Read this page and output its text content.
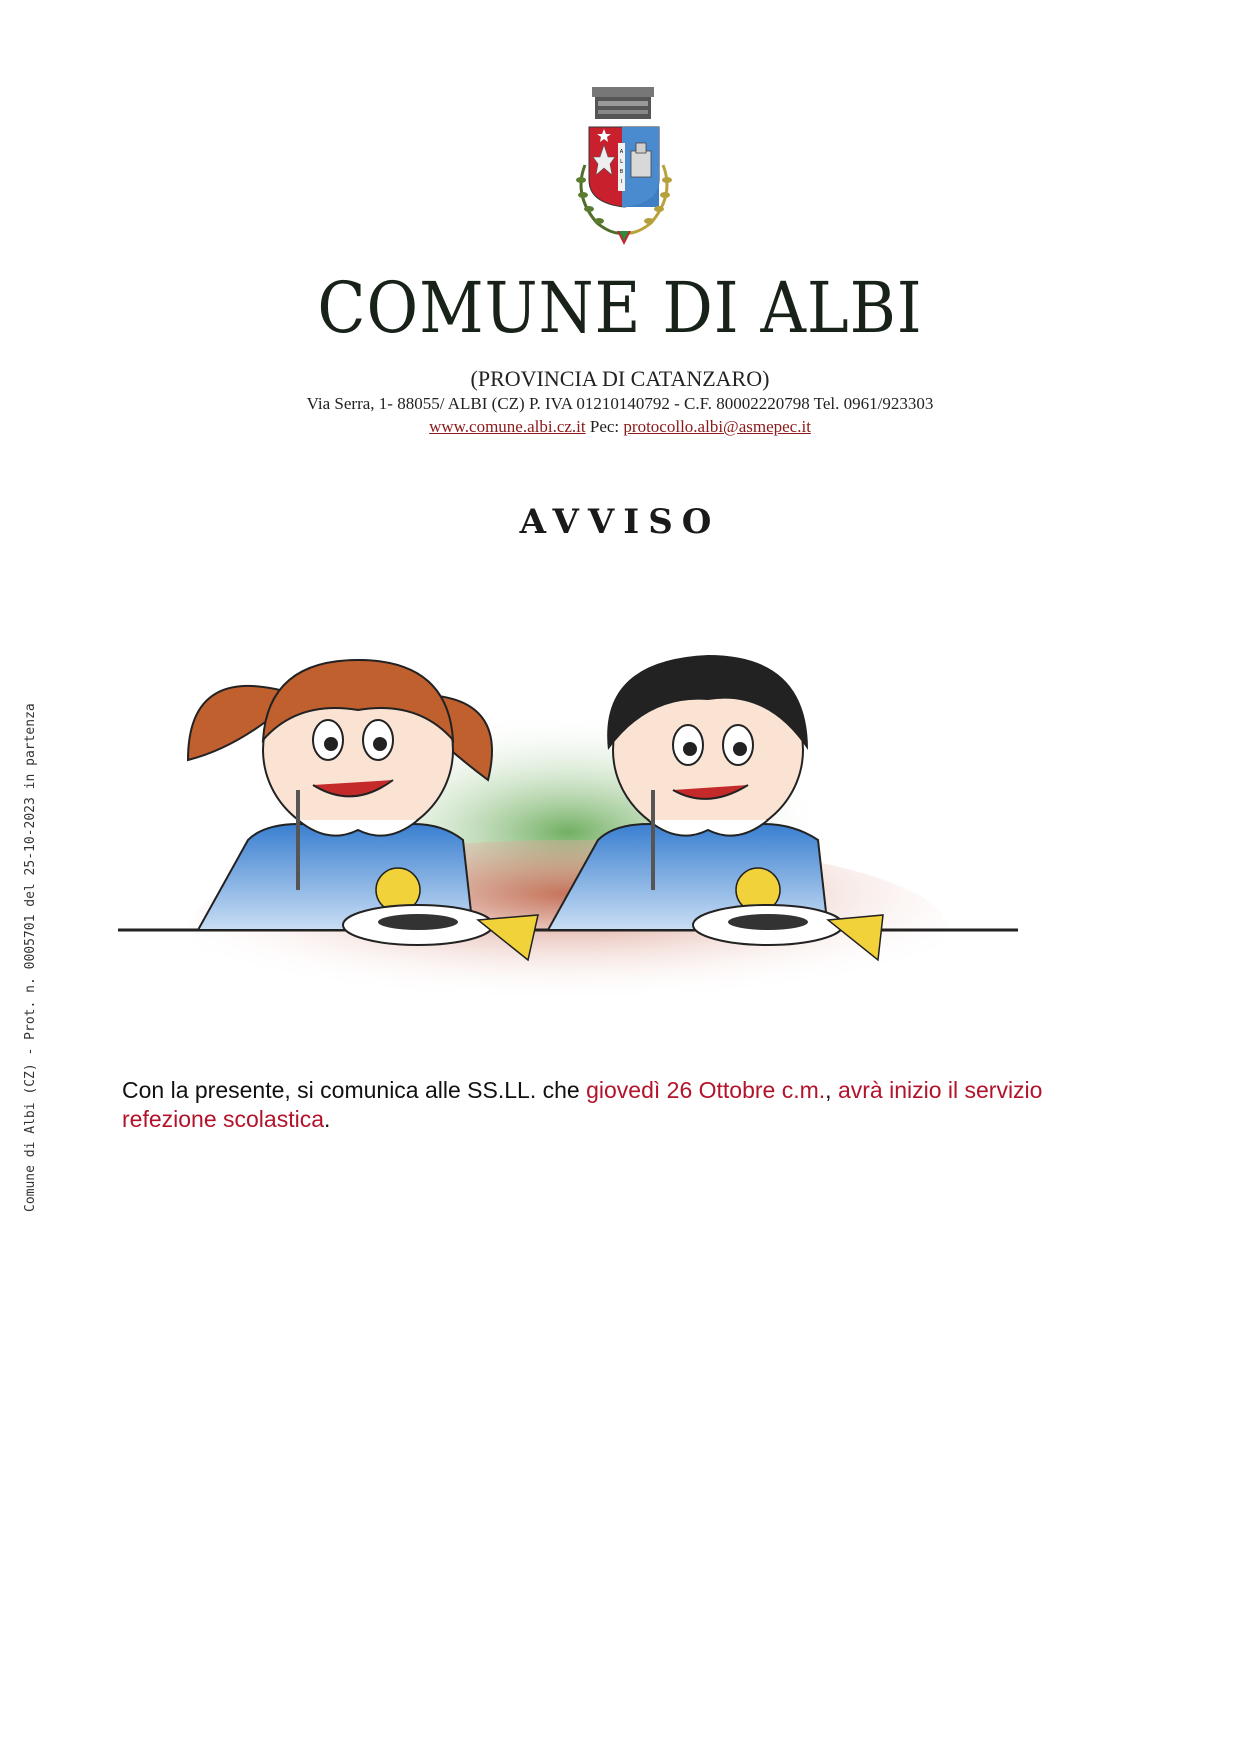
Comune di Albi (CZ) - Prot. n. 0005701 del 25-10-2023 in partenza
A
L
B
I
COMUNE DI ALBI
(PROVINCIA DI CATANZARO)
Via Serra, 1- 88055/ ALBI (CZ) P. IVA 01210140792 - C.F. 80002220798 Tel. 0961/923303
www.comune.albi.cz.it Pec: protocollo.albi@asmepec.it
AVVISO
Con la presente, si comunica alle SS.LL. che giovedì 26 Ottobre c.m., avrà inizio il servizio refezione scolastica.
